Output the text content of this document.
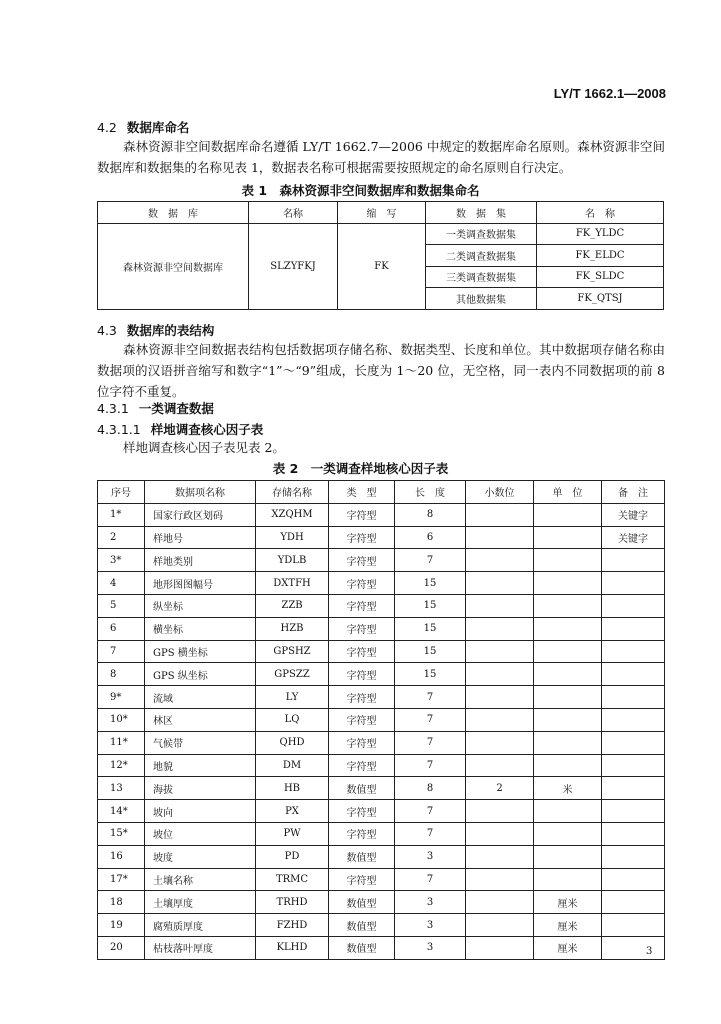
LY/T 1662.1—2008
4.2 数据库命名
森林资源非空间数据库命名遵循 LY/T 1662.7—2006 中规定的数据库命名原则。森林资源非空间数据库和数据集的名称见表 1，数据表名称可根据需要按照规定的命名原则自行决定。
表 1　森林资源非空间数据库和数据集命名
数　据　库	名称	缩　写	数　据　集	名　称
森林资源非空间数据库	SLZYFKJ	FK	一类调查数据集	FK_YLDC
			二类调查数据集	FK_ELDC
			三类调查数据集	FK_SLDC
			其他数据集	FK_QTSJ
4.3 数据库的表结构
森林资源非空间数据表结构包括数据项存储名称、数据类型、长度和单位。其中数据项存储名称由数据项的汉语拼音缩写和数字“1”～“9”组成，长度为 1～20 位，无空格，同一表内不同数据项的前 8 位字符不重复。
4.3.1 一类调查数据
4.3.1.1 样地调查核心因子表
样地调查核心因子表见表 2。
表 2　一类调查样地核心因子表
序号	数据项名称	存储名称	类　型	长　度	小数位	单　位	备　注
1*	国家行政区划码	XZQHM	字符型	8			关键字
2	样地号	YDH	字符型	6			关键字
3*	样地类别	YDLB	字符型	7			
4	地形图图幅号	DXTFH	字符型	15			
5	纵坐标	ZZB	字符型	15			
6	横坐标	HZB	字符型	15			
7	GPS 横坐标	GPSHZ	字符型	15			
8	GPS 纵坐标	GPSZZ	字符型	15			
9*	流域	LY	字符型	7			
10*	林区	LQ	字符型	7			
11*	气候带	QHD	字符型	7			
12*	地貌	DM	字符型	7			
13	海拔	HB	数值型	8	2	米	
14*	坡向	PX	字符型	7			
15*	坡位	PW	字符型	7			
16	坡度	PD	数值型	3			
17*	土壤名称	TRMC	字符型	7			
18	土壤厚度	TRHD	数值型	3		厘米	
19	腐殖质厚度	FZHD	数值型	3		厘米	
20	枯枝落叶厚度	KLHD	数值型	3		厘米		3
